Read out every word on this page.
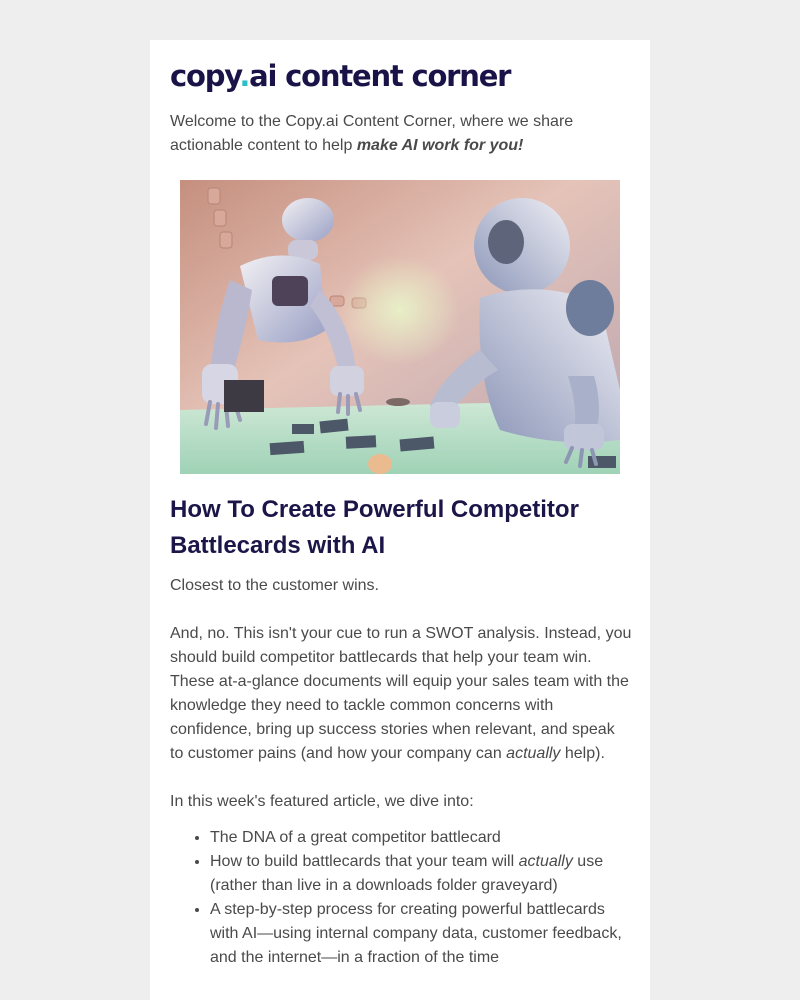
copy.ai content corner

Welcome to the Copy.ai Content Corner, where we share actionable content to help make AI work for you!

How To Create Powerful Competitor Battlecards with AI

Closest to the customer wins.

And, no. This isn't your cue to run a SWOT analysis. Instead, you should build competitor battlecards that help your team win. These at-a-glance documents will equip your sales team with the knowledge they need to tackle common concerns with confidence, bring up success stories when relevant, and speak to customer pains (and how your company can actually help).

In this week's featured article, we dive into:

• The DNA of a great competitor battlecard
• How to build battlecards that your team will actually use (rather than live in a downloads folder graveyard)
• A step-by-step process for creating powerful battlecards with AI—using internal company data, customer feedback, and the internet—in a fraction of the time
